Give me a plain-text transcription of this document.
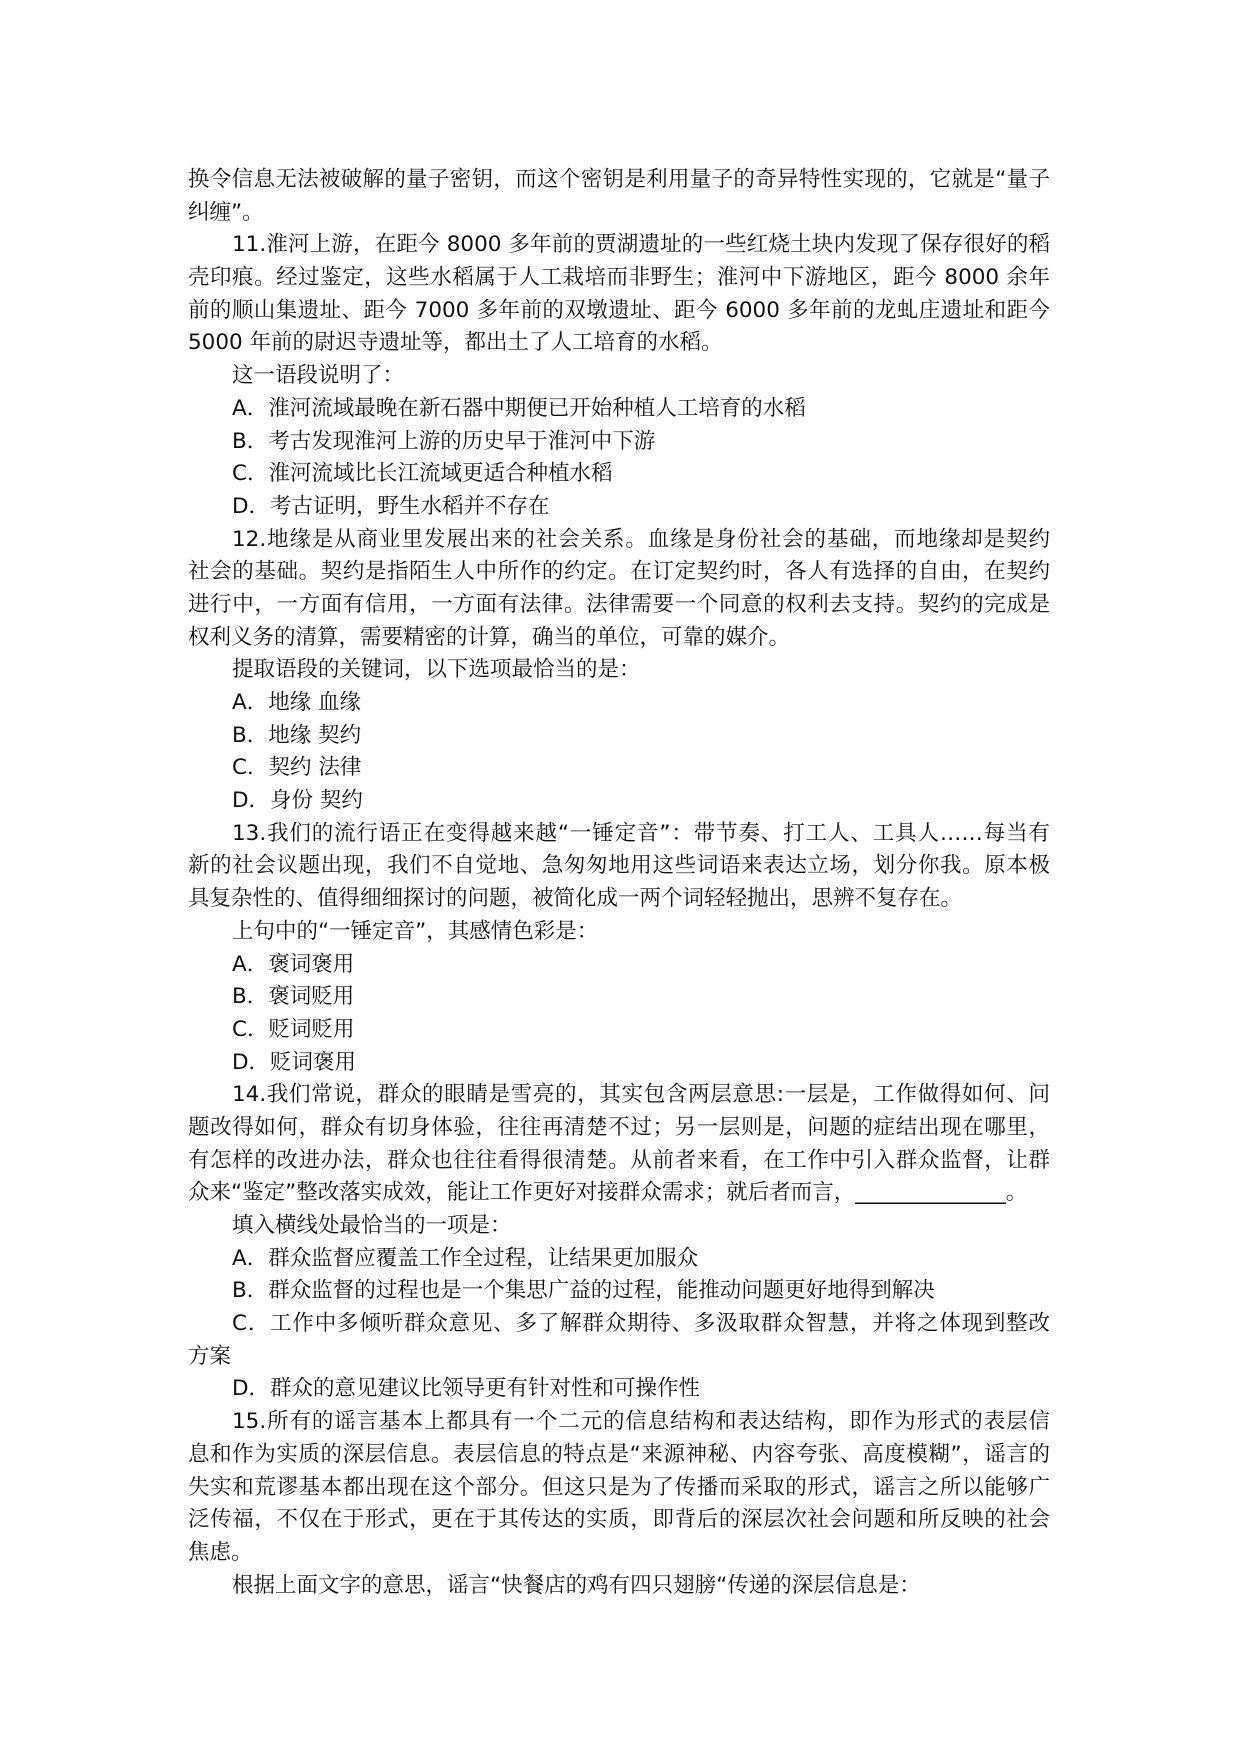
换令信息无法被破解的量子密钥，而这个密钥是利用量子的奇异特性实现的，它就是“量子
纠缠”。
11.淮河上游，在距今 8000 多年前的贾湖遗址的一些红烧土块内发现了保存很好的稻
壳印痕。经过鉴定，这些水稻属于人工栽培而非野生；淮河中下游地区，距今 8000 余年
前的顺山集遗址、距今 7000 多年前的双墩遗址、距今 6000 多年前的龙虬庄遗址和距今
5000 年前的尉迟寺遗址等，都出土了人工培育的水稻。
这一语段说明了：
A．淮河流域最晚在新石器中期便已开始种植人工培育的水稻
B．考古发现淮河上游的历史早于淮河中下游
C．淮河流域比长江流域更适合种植水稻
D．考古证明，野生水稻并不存在
12.地缘是从商业里发展出来的社会关系。血缘是身份社会的基础，而地缘却是契约
社会的基础。契约是指陌生人中所作的约定。在订定契约时，各人有选择的自由，在契约
进行中，一方面有信用，一方面有法律。法律需要一个同意的权利去支持。契约的完成是
权利义务的清算，需要精密的计算，确当的单位，可靠的媒介。
提取语段的关键词，以下选项最恰当的是：
A．地缘 血缘
B．地缘 契约
C．契约 法律
D．身份 契约
13.我们的流行语正在变得越来越“一锤定音”：带节奏、打工人、工具人……每当有
新的社会议题出现，我们不自觉地、急匆匆地用这些词语来表达立场，划分你我。原本极
具复杂性的、值得细细探讨的问题，被简化成一两个词轻轻抛出，思辨不复存在。
上句中的“一锤定音”，其感情色彩是：
A．褒词褒用
B．褒词贬用
C．贬词贬用
D．贬词褒用
14.我们常说，群众的眼睛是雪亮的，其实包含两层意思:一层是，工作做得如何、问
题改得如何，群众有切身体验，往往再清楚不过；另一层则是，问题的症结出现在哪里，
有怎样的改进办法，群众也往往看得很清楚。从前者来看，在工作中引入群众监督，让群
众来“鉴定”整改落实成效，能让工作更好对接群众需求；就后者而言，______________。
填入横线处最恰当的一项是：
A．群众监督应覆盖工作全过程，让结果更加服众
B．群众监督的过程也是一个集思广益的过程，能推动问题更好地得到解决
C．工作中多倾听群众意见、多了解群众期待、多汲取群众智慧，并将之体现到整改
方案
D．群众的意见建议比领导更有针对性和可操作性
15.所有的谣言基本上都具有一个二元的信息结构和表达结构，即作为形式的表层信
息和作为实质的深层信息。表层信息的特点是“来源神秘、内容夸张、高度模糊”，谣言的
失实和荒谬基本都出现在这个部分。但这只是为了传播而采取的形式，谣言之所以能够广
泛传福，不仅在于形式，更在于其传达的实质，即背后的深层次社会问题和所反映的社会
焦虑。
根据上面文字的意思，谣言“快餐店的鸡有四只翅膀“传递的深层信息是：
